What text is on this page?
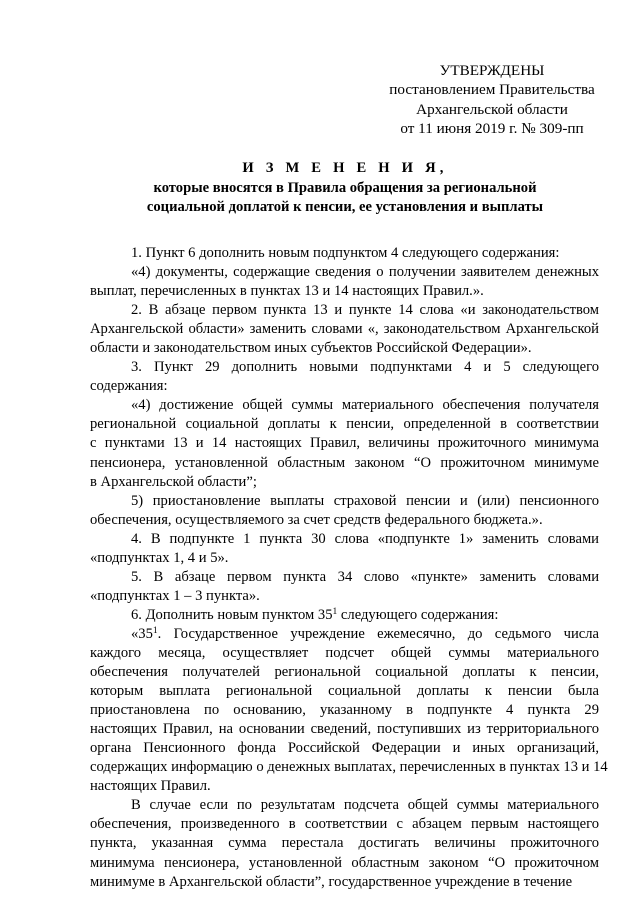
УТВЕРЖДЕНЫ
постановлением Правительства
Архангельской области
от 11 июня 2019 г. № 309-пп
И З М Е Н Е Н И Я,
которые вносятся в Правила обращения за региональной
социальной доплатой к пенсии, ее установления и выплаты
1. Пункт 6 дополнить новым подпунктом 4 следующего содержания:
«4) документы, содержащие сведения о получении заявителем денежных
выплат, перечисленных в пунктах 13 и 14 настоящих Правил.».
2. В абзаце первом пункта 13 и пункте 14 слова «и законодательством
Архангельской области» заменить словами «, законодательством Архангельской
области и законодательством иных субъектов Российской Федерации».
3. Пункт 29 дополнить новыми подпунктами 4 и 5 следующего
содержания:
«4) достижение общей суммы материального обеспечения получателя
региональной социальной доплаты к пенсии, определенной в соответствии
с пунктами 13 и 14 настоящих Правил, величины прожиточного минимума
пенсионера, установленной областным законом “О прожиточном минимуме
в Архангельской области”;
5) приостановление выплаты страховой пенсии и (или) пенсионного
обеспечения, осуществляемого за счет средств федерального бюджета.».
4. В подпункте 1 пункта 30 слова «подпункте 1» заменить словами
«подпунктах 1, 4 и 5».
5. В абзаце первом пункта 34 слово «пункте» заменить словами
«подпунктах 1 – 3 пункта».
6. Дополнить новым пунктом $35^1$ следующего содержания:
«$35^1$. Государственное учреждение ежемесячно, до седьмого числа
каждого месяца, осуществляет подсчет общей суммы материального
обеспечения получателей региональной социальной доплаты к пенсии,
которым выплата региональной социальной доплаты к пенсии была
приостановлена по основанию, указанному в подпункте 4 пункта 29
настоящих Правил, на основании сведений, поступивших из территориального
органа Пенсионного фонда Российской Федерации и иных организаций,
содержащих информацию о денежных выплатах, перечисленных в пунктах 13 и 14
настоящих Правил.
В случае если по результатам подсчета общей суммы материального
обеспечения, произведенного в соответствии с абзацем первым настоящего
пункта, указанная сумма перестала достигать величины прожиточного
минимума пенсионера, установленной областным законом “О прожиточном
минимуме в Архангельской области”, государственное учреждение в течение
